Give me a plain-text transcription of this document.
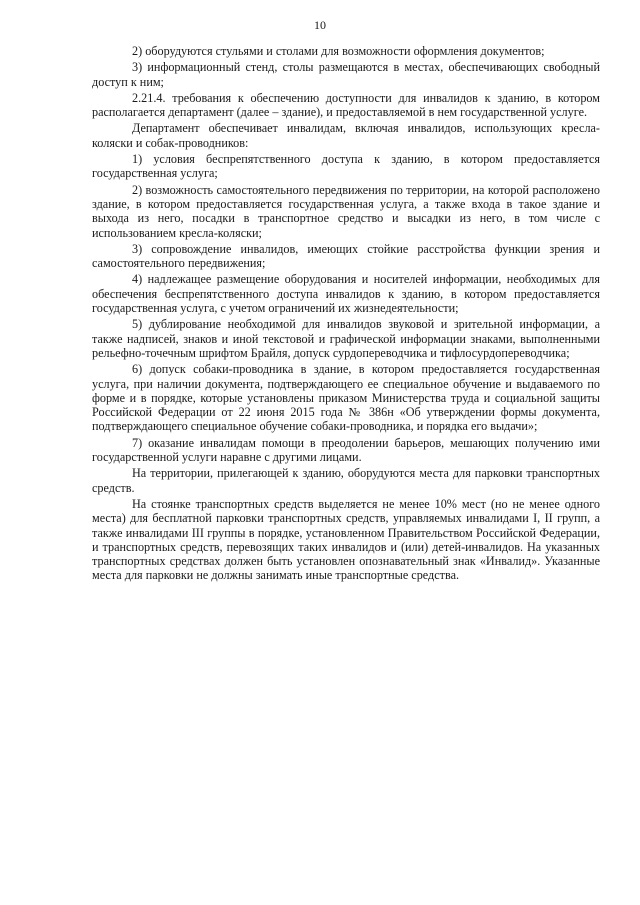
10

2) оборудуются стульями и столами для возможности оформления документов;

3) информационный стенд, столы размещаются в местах, обеспечивающих свободный доступ к ним;

2.21.4. требования к обеспечению доступности для инвалидов к зданию, в котором располагается департамент (далее – здание), и предоставляемой в нем государственной услуге.

Департамент обеспечивает инвалидам, включая инвалидов, использующих кресла-коляски и собак-проводников:

1) условия беспрепятственного доступа к зданию, в котором предоставляется государственная услуга;

2) возможность самостоятельного передвижения по территории, на которой расположено здание, в котором предоставляется государственная услуга, а также входа в такое здание и выхода из него, посадки в транспортное средство и высадки из него, в том числе с использованием кресла-коляски;

3) сопровождение инвалидов, имеющих стойкие расстройства функции зрения и самостоятельного передвижения;

4) надлежащее размещение оборудования и носителей информации, необходимых для обеспечения беспрепятственного доступа инвалидов к зданию, в котором предоставляется государственная услуга, с учетом ограничений их жизнедеятельности;

5) дублирование необходимой для инвалидов звуковой и зрительной информации, а также надписей, знаков и иной текстовой и графической информации знаками, выполненными рельефно-точечным шрифтом Брайля, допуск сурдопереводчика и тифлосурдопереводчика;

6) допуск собаки-проводника в здание, в котором предоставляется государственная услуга, при наличии документа, подтверждающего ее специальное обучение и выдаваемого по форме и в порядке, которые установлены приказом Министерства труда и социальной защиты Российской Федерации от 22 июня 2015 года № 386н «Об утверждении формы документа, подтверждающего специальное обучение собаки-проводника, и порядка его выдачи»;

7) оказание инвалидам помощи в преодолении барьеров, мешающих получению ими государственной услуги наравне с другими лицами.

На территории, прилегающей к зданию, оборудуются места для парковки транспортных средств.

На стоянке транспортных средств выделяется не менее 10% мест (но не менее одного места) для бесплатной парковки транспортных средств, управляемых инвалидами I, II групп, а также инвалидами III группы в порядке, установленном Правительством Российской Федерации, и транспортных средств, перевозящих таких инвалидов и (или) детей-инвалидов. На указанных транспортных средствах должен быть установлен опознавательный знак «Инвалид». Указанные места для парковки не должны занимать иные транспортные средства.
